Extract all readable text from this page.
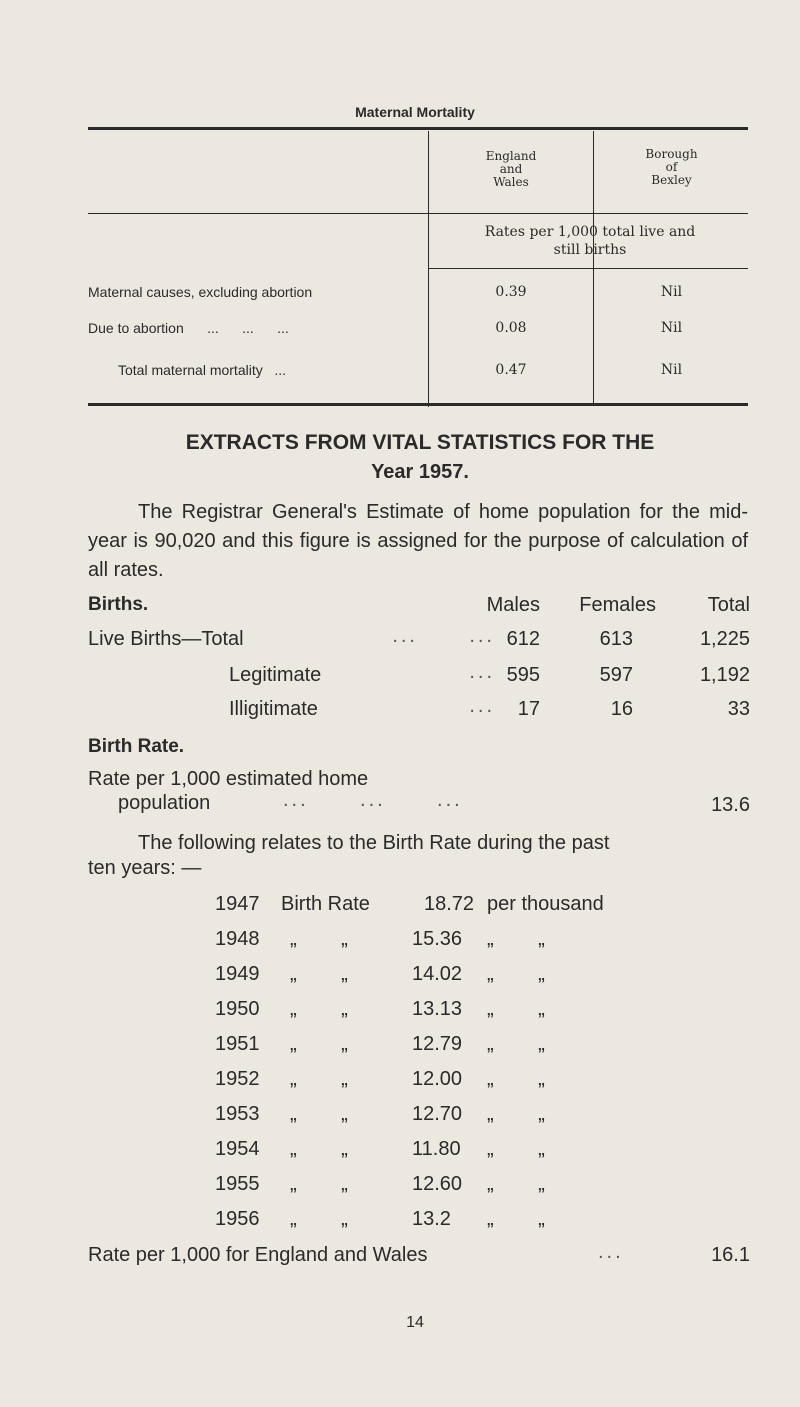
Maternal Mortality
England
and
Wales
Borough
of
Bexley
Rates per 1,000 total live and
still births
Maternal causes, excluding abortion	0.39	Nil
Due to abortion      ...      ...      ...	0.08	Nil
Total maternal mortality   ...	0.47	Nil
EXTRACTS FROM VITAL STATISTICS FOR THE
Year 1957.
The Registrar General's Estimate of home population for the mid-year is 90,020 and this figure is assigned for the purpose of calculation of all rates.
Births.	Males	Females	Total
Live Births—Total	...      ... 612	613	1,225
Legitimate	... 595	597	1,192
Illigitimate	...	17	16	33
Birth Rate.
Rate per 1,000 estimated home
population	...      ...      ...	13.6
The following relates to the Birth Rate during the past
ten years: —
1947 Birth Rate	18.72 per thousand
1948 „        „	15.36 „        „
1949 „        „	14.02 „        „
1950 „        „	13.13 „        „
1951 „        „	12.79 „        „
1952 „        „	12.00 „        „
1953 „        „	12.70 „        „
1954 „        „	11.80 „        „
1955 „        „	12.60 „        „
1956 „        „	13.2 „        „
Rate per 1,000 for England and Wales	...	16.1
14
